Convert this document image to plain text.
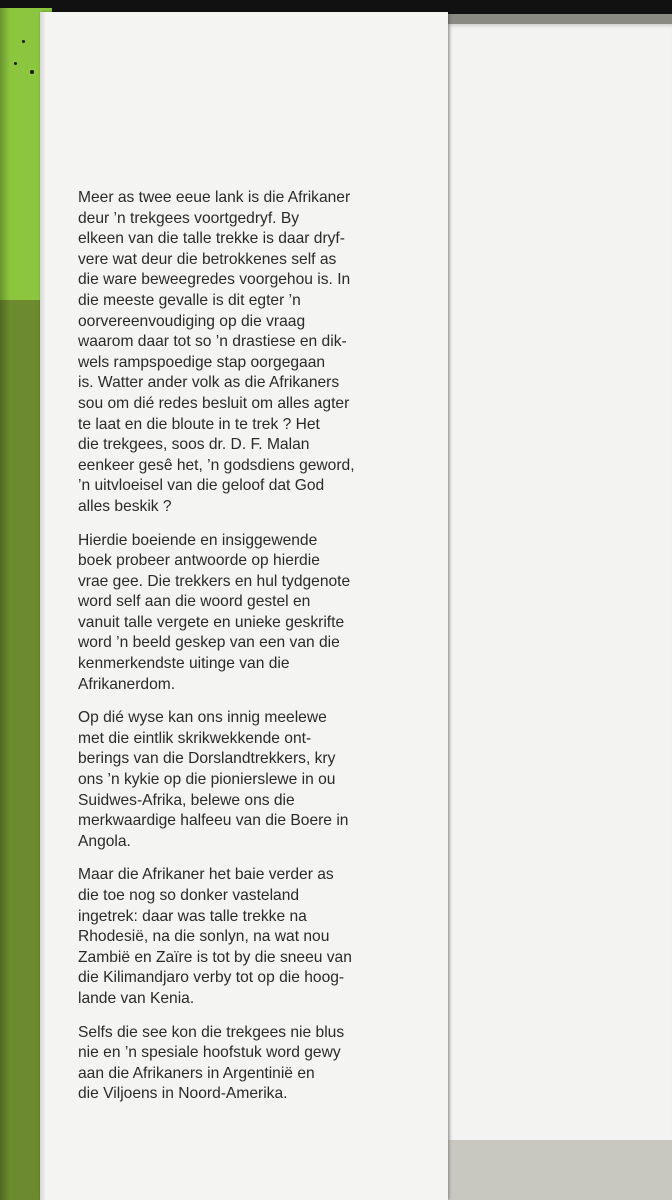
Meer as twee eeue lank is die Afrikaner
deur ’n trekgees voortgedryf. By
elkeen van die talle trekke is daar dryf-
vere wat deur die betrokkenes self as
die ware beweegredes voorgehou is. In
die meeste gevalle is dit egter ’n
oorvereenvoudiging op die vraag
waarom daar tot so ’n drastiese en dik-
wels rampspoedige stap oorgegaan
is. Watter ander volk as die Afrikaners
sou om dié redes besluit om alles agter
te laat en die bloute in te trek ? Het
die trekgees, soos dr. D. F. Malan
eenkeer gesê het, ’n godsdiens geword,
’n uitvloeisel van die geloof dat God
alles beskik ?

Hierdie boeiende en insiggewende
boek probeer antwoorde op hierdie
vrae gee. Die trekkers en hul tydgenote
word self aan die woord gestel en
vanuit talle vergete en unieke geskrifte
word ’n beeld geskep van een van die
kenmerkendste uitinge van die
Afrikanerdom.

Op dié wyse kan ons innig meelewe
met die eintlik skrikwekkende ont-
berings van die Dorslandtrekkers, kry
ons ’n kykie op die pionierslewe in ou
Suidwes-Afrika, belewe ons die
merkwaardige halfeeu van die Boere in
Angola.

Maar die Afrikaner het baie verder as
die toe nog so donker vasteland
ingetrek: daar was talle trekke na
Rhodesië, na die sonlyn, na wat nou
Zambië en Zaïre is tot by die sneeu van
die Kilimandjaro verby tot op die hoog-
lande van Kenia.

Selfs die see kon die trekgees nie blus
nie en ’n spesiale hoofstuk word gewy
aan die Afrikaners in Argentinië en
die Viljoens in Noord-Amerika.
